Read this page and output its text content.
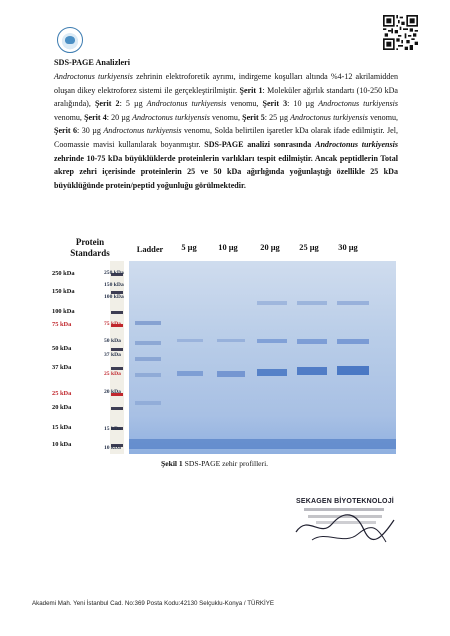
SDS-PAGE Analizleri
Androctonus turkiyensis zehrinin elektroforetik ayrımı, indirgeme koşulları altında %4-12 akrilamidden oluşan dikey elektroforez sistemi ile gerçekleştirilmiştir. Şerit 1: Moleküler ağırlık standartı (10-250 kDa aralığında), Şerit 2: 5 µg Androctonus turkiyensis venomu, Şerit 3: 10 µg Androctonus turkiyensis venomu, Şerit 4: 20 µg Androctonus turkiyensis venomu, Şerit 5: 25 µg Androctonus turkiyensis venomu, Şerit 6: 30 µg Androctonus turkiyensis venomu, Solda belirtilen işaretler kDa olarak ifade edilmiştir. Jel, Coomassie mavisi kullanılarak boyanmıştır. SDS-PAGE analizi sonrasında Androctonus turkiyensis zehrinde 10-75 kDa büyüklüklerde proteinlerin varlıkları tespit edilmiştir. Ancak peptidlerin Total akrep zehri içerisinde proteinlerin 25 ve 50 kDa ağırlığında yoğunlaştığı özellikle 25 kDa büyüklüğünde protein/peptid yoğunluğu görülmektedir.
Protein
Standards	Ladder	5 µg	10 µg	20 µg	25 µg	30 µg
250 kDa
150 kDa
100 kDa
75 kDa
50 kDa
37 kDa
25 kDa
20 kDa
15 kDa
10 kDa
250 kDa
150 kDa
100 kDa
75 kDa
50 kDa
37 kDa
25 kDa
20 kDa
15 kDa
10 kDa
Şekil 1 SDS-PAGE zehir profilleri.
SEKAGEN BİYOTEKNOLOJİ
Akademi Mah. Yeni İstanbul Cad. No:369 Posta Kodu:42130 Selçuklu-Konya / TÜRKİYE
